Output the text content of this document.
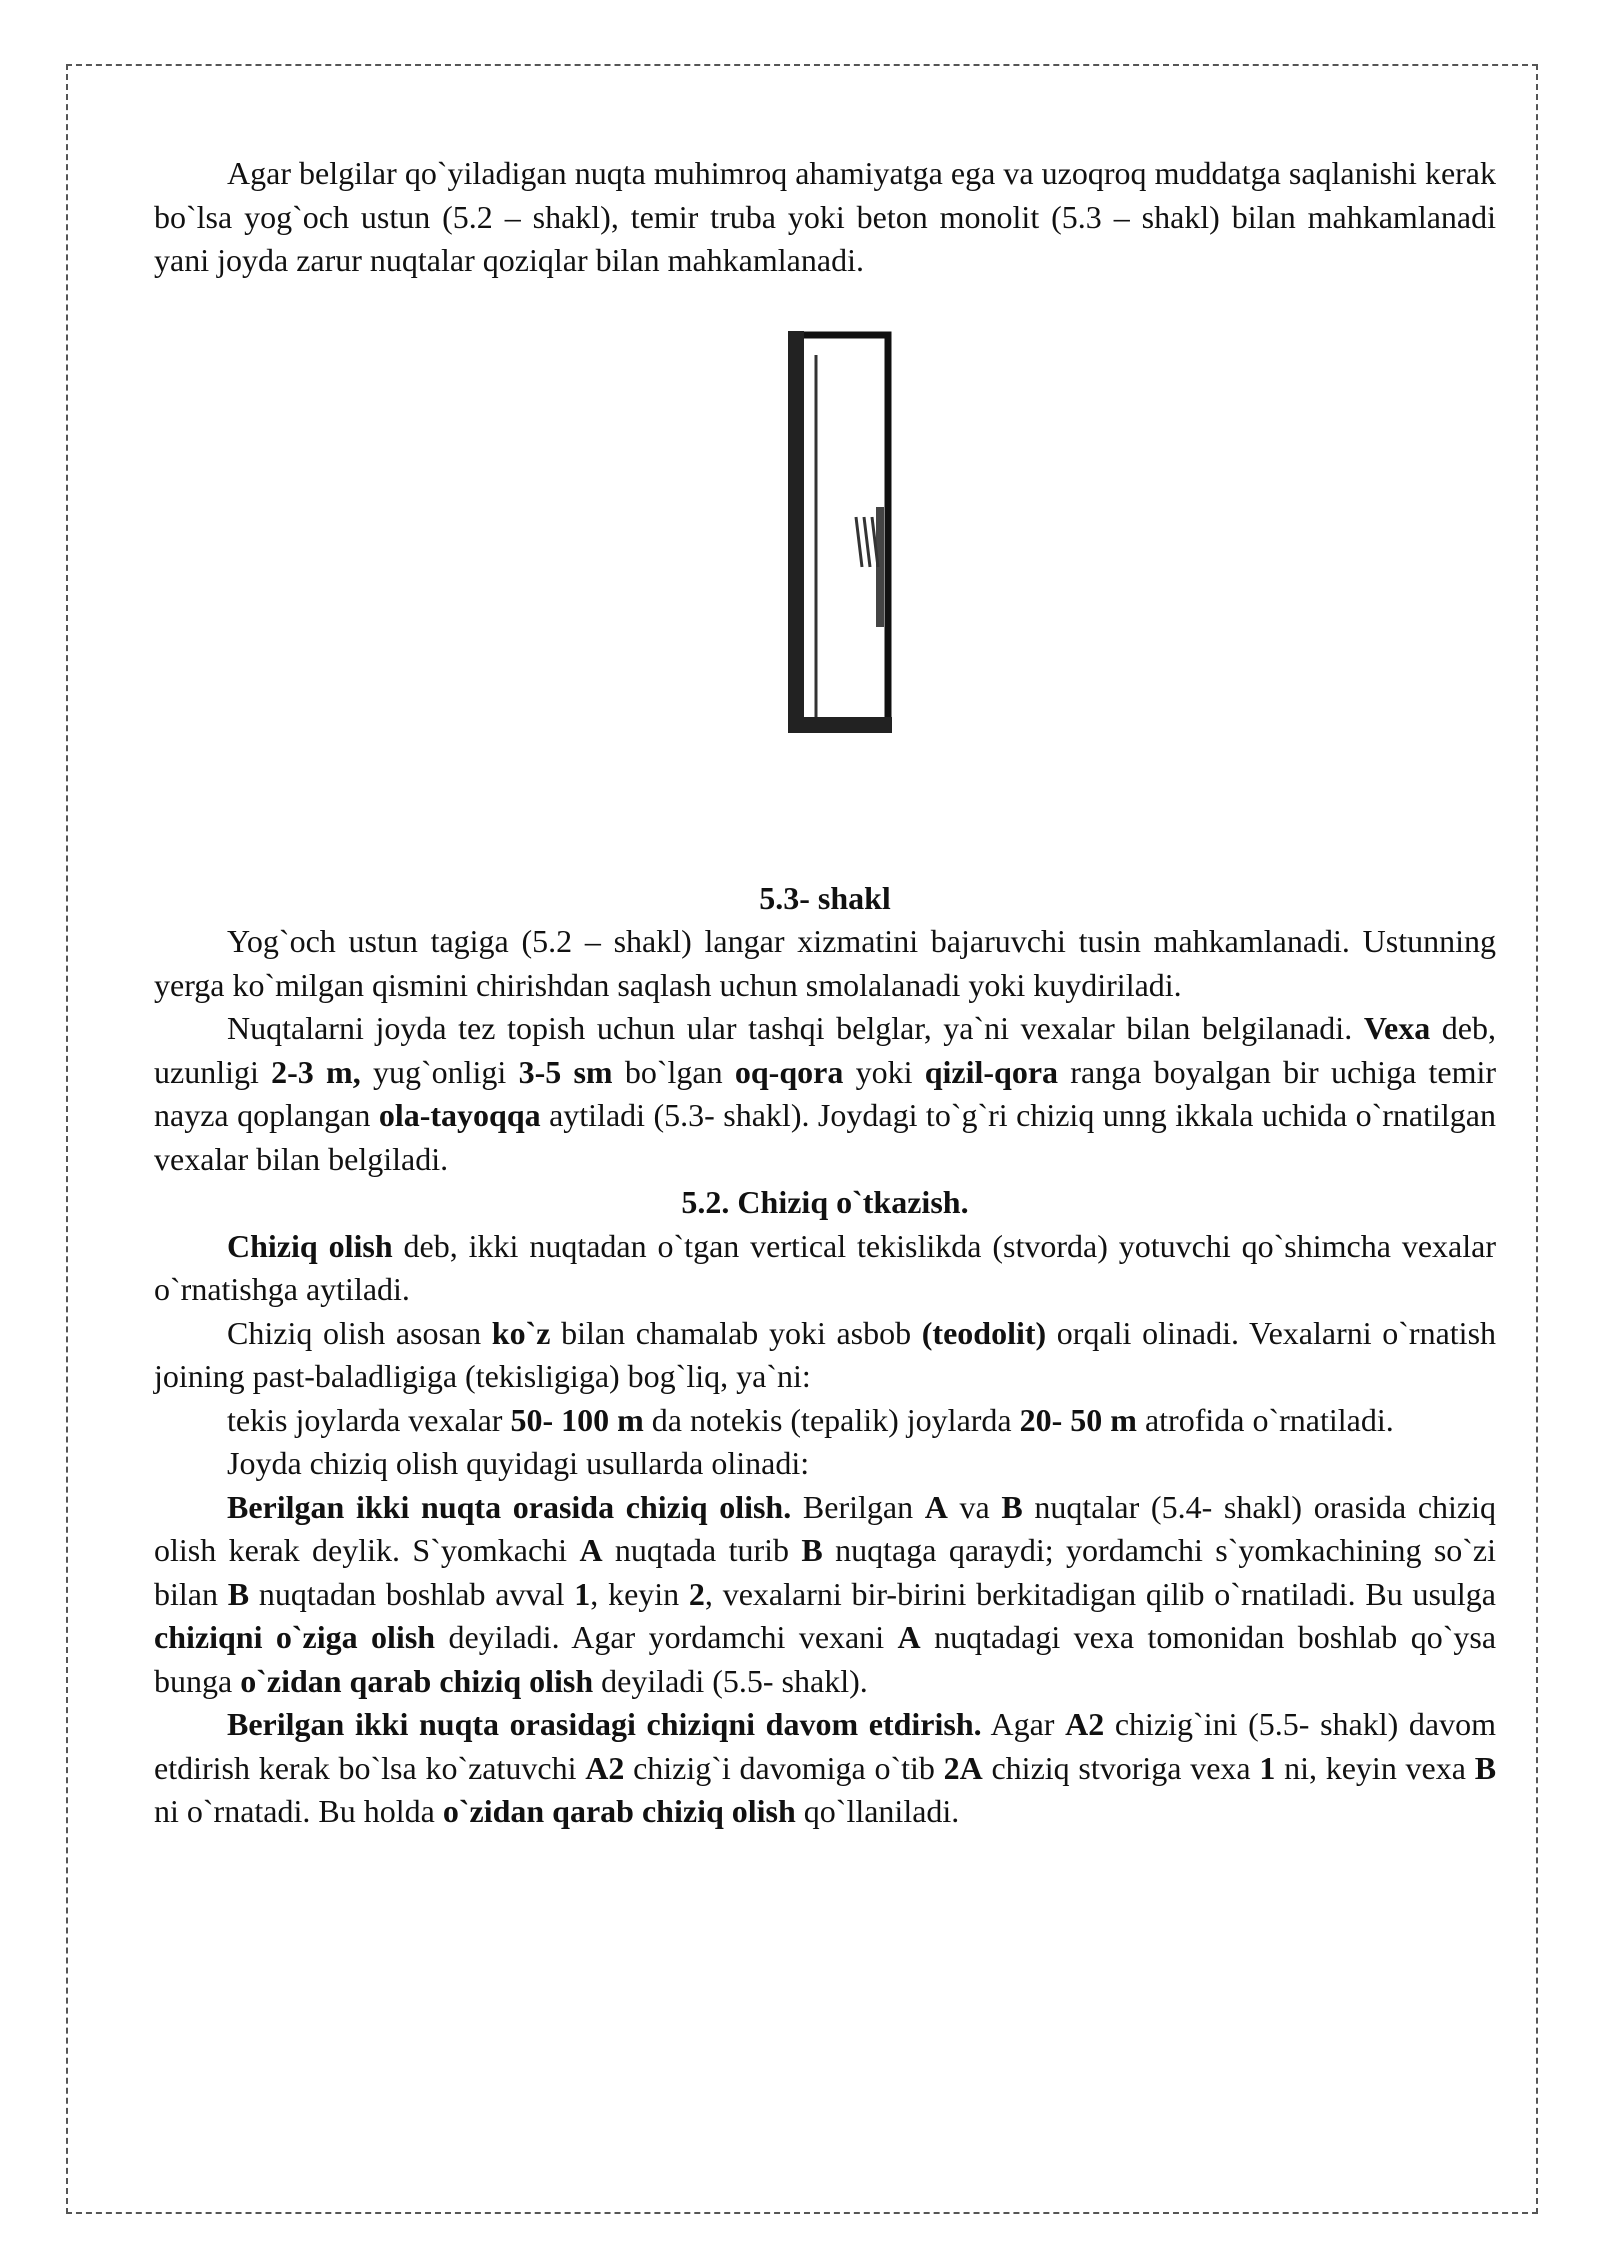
Agar belgilar qo`yiladigan nuqta muhimroq ahamiyatga ega va uzoqroq muddatga saqlanishi kerak bo`lsa yog`och ustun (5.2 – shakl), temir truba yoki beton monolit (5.3 – shakl) bilan mahkamlanadi yani joyda zarur nuqtalar qoziqlar bilan mahkamlanadi.

5.3- shakl

Yog`och ustun tagiga (5.2 – shakl) langar xizmatini bajaruvchi tusin mahkamlanadi. Ustunning yerga ko`milgan qismini chirishdan saqlash uchun smolalanadi yoki kuydiriladi.

Nuqtalarni joyda tez topish uchun ular tashqi belglar, ya`ni vexalar bilan belgilanadi. Vexa deb, uzunligi 2-3 m, yug`onligi 3-5 sm bo`lgan oq-qora yoki qizil-qora ranga boyalgan bir uchiga temir nayza qoplangan ola-tayoqqa aytiladi (5.3- shakl). Joydagi to`g`ri chiziq unng ikkala uchida o`rnatilgan vexalar bilan belgiladi.

5.2. Chiziq o`tkazish.

Chiziq olish deb, ikki nuqtadan o`tgan vertical tekislikda (stvorda) yotuvchi qo`shimcha vexalar o`rnatishga aytiladi.

Chiziq olish asosan ko`z bilan chamalab yoki asbob (teodolit) orqali olinadi. Vexalarni o`rnatish joining past-baladligiga (tekisligiga) bog`liq, ya`ni:

tekis joylarda vexalar 50- 100 m da notekis (tepalik) joylarda 20- 50 m atrofida o`rnatiladi.

Joyda chiziq olish quyidagi usullarda olinadi:

Berilgan ikki nuqta orasida chiziq olish. Berilgan A va B nuqtalar (5.4- shakl) orasida chiziq olish kerak deylik. S`yomkachi A nuqtada turib B nuqtaga qaraydi; yordamchi s`yomkachining so`zi bilan B nuqtadan boshlab avval 1, keyin 2, vexalarni bir-birini berkitadigan qilib o`rnatiladi. Bu usulga chiziqni o`ziga olish deyiladi. Agar yordamchi vexani A nuqtadagi vexa tomonidan boshlab qo`ysa bunga o`zidan qarab chiziq olish deyiladi (5.5- shakl).

Berilgan ikki nuqta orasidagi chiziqni davom etdirish. Agar A2 chizig`ini (5.5- shakl) davom etdirish kerak bo`lsa ko`zatuvchi A2 chizig`i davomiga o`tib 2A chiziq stvoriga vexa 1 ni, keyin vexa B ni o`rnatadi. Bu holda o`zidan qarab chiziq olish qo`llaniladi.
